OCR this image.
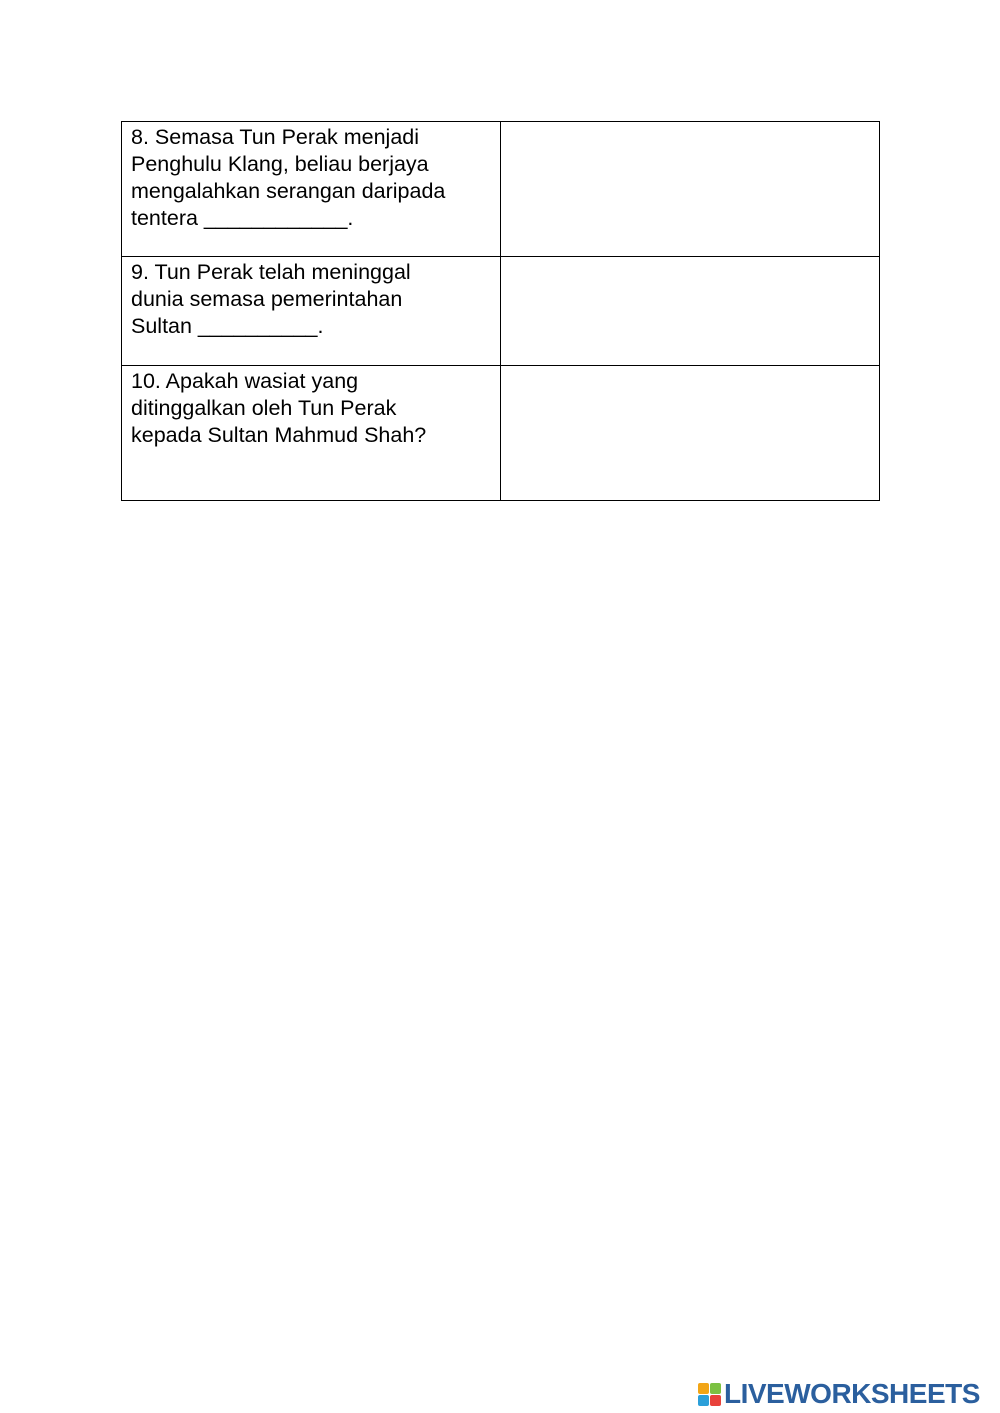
8. Semasa Tun Perak menjadi
Penghulu Klang, beliau berjaya
mengalahkan serangan daripada
tentera ____________.	

9. Tun Perak telah meninggal
dunia semasa pemerintahan
Sultan __________.	

10. Apakah wasiat yang
ditinggalkan oleh Tun Perak
kepada Sultan Mahmud Shah?	

LIVEWORKSHEETS
